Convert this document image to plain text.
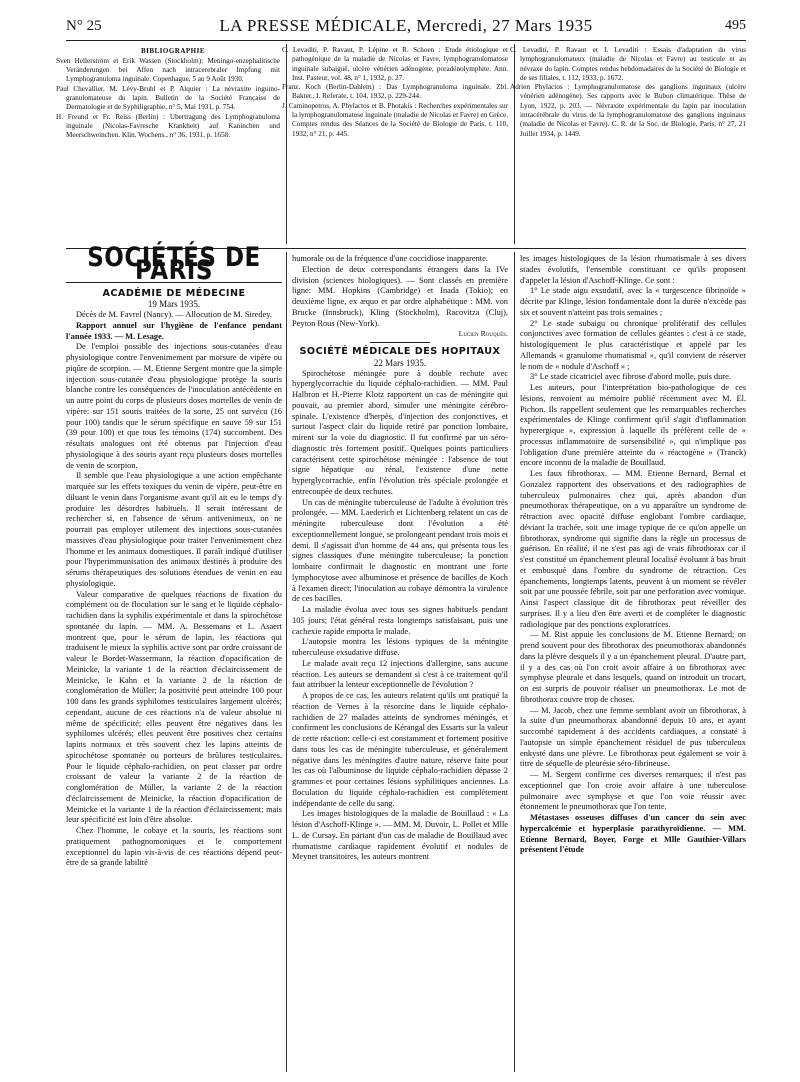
N° 25	LA PRESSE MÉDICALE, Mercredi, 27 Mars 1935	495

BIBLIOGRAPHIE

Sven Hellerström et Erik Wassen (Stockholm): Meningo-enzephalitische Veränderungen bei Affen nach intracerebraler Impfung mit Lymphogranuloma inguinale. Copenhague, 5 au 9 Août 1930.

Paul Chevallier, M. Lévy-Bruhl et P. Alquier : La névraxite inguino-granulomateuse du lapin. Bulletin de la Société Française de Dermatologie et de Syphiligraphie, n° 5, Mai 1931, p. 754.

H. Freund et Fr. Reiss (Berlin) : Ubertragung des Lymphogranuloma inguinale (Nicolas-Favresche Krankheit) auf Kaninchen und Meerschweinchen. Klin. Wochens., n° 36, 1931, p. 1658.

C. Levaditi, P. Ravaut, P. Lépine et R. Schoen : Etude étiologique et pathogénique de la maladie de Nicolas et Favre, lymphogranulomatose inguinale subaiguë, ulcère vénérien adénogène, poradénolymphite. Ann. Inst. Pasteur, vol. 48, n° 1, 1932, p. 27.

Franz. Koch (Berlin-Dahlem) : Das Lymphogranuloma inguinale. Zbl. Bakter., I. Referate, t. 104, 1932, p. 229-244.

J. Caminopetros, A. Phylactos et B. Photakis : Recherches expérimentales sur la lymphogranulomatose inguinale (maladie de Nicolas et Favre) en Grèce. Comptes rendus des Séances de la Société de Biologie de Paris, t. 110, 1932, n° 21, p. 445.

C. Levaditi, P. Ravaut et I. Levaditi : Essais d'adaptation du virus lymphogranulomateux (maladie de Nicolas et Favre) au testicule et au névraxe du lapin. Comptes rendus hebdomadaires de la Société de Biologie et de ses filiales, t. 112, 1933, p. 1672.

Adrien Phylactos : Lymphogranulomatose des ganglions inguinaux (ulcère vénérien adénogène). Ses rapports avec le Bubon climatérique. Thèse de Lyon, 1922, p. 203. — Névraxite expérimentale du lapin par inoculation intracérébrale du virus de la lymphogranulomatose des ganglions inguinaux (maladie de Nicolas et Favre). C. R. de la Soc. de Biologie, Paris, n° 27, 21 Juillet 1934, p. 1449.

SOCIÉTÉS DE PARIS

ACADÉMIE DE MÉDECINE

19 Mars 1935.

Décès de M. Favrel (Nancy). — Allocution de M. Siredey.

Rapport annuel sur l'hygiène de l'enfance pendant l'année 1933. — M. Lesage.

De l'emploi possible des injections sous-cutanées d'eau physiologique contre l'envenimement par morsure de vipère ou piqûre de scorpion. — M. Etienne Sergent montre que la simple injection sous-cutanée d'eau physiologique protège la souris blanche contre les conséquences de l'inoculation antécédente en un autre point du corps de plusieurs doses mortelles de venin de vipère: sur 151 souris traitées de la sorte, 25 ont survécu (16 pour 100) tandis que le sérum spécifique en sauve 59 sur 151 (39 pour 100) et que tous les témoins (174) succombent. Des résultats analogues ont été obtenus par l'injection d'eau physiologique à des souris ayant reçu plusieurs doses mortelles de venin de scorpion.

Il semble que l'eau physiologique a une action empêchante marquée sur les effets toxiques du venin de vipère, peut-être en diluant le venin dans l'organisme avant qu'il ait eu le temps d'y produire les désordres habituels. Il serait intéressant de rechercher si, en l'absence de sérum antivenimeux, on ne pourrait pas employer utilement des injections sous-cutanées massives d'eau physiologique pour traiter l'envenimement chez l'homme et les animaux domestiques. Il paraît indiqué d'utiliser pour l'hyperimmunisation des animaux destinés à produire des sérums thérapeutiques des solutions étendues de venin en eau physiologique.

Valeur comparative de quelques réactions de fixation du complément ou de floculation sur le sang et le liquide céphalo-rachidien dans la syphilis expérimentale et dans la spirochétose spontanée du lapin. — MM. A. Bessemans et L. Asaert montrent que, pour le sérum de lapin, les réactions qui traduisent le mieux la syphilis active sont par ordre croissant de valeur le Bordet-Wassermann, la réaction d'opacification de Meinicke, la variante 1 de la réaction d'éclaircissement de Meinicke, le Kahn et la variante 2 de la réaction de conglomération de Müller; la positivité peut atteindre 100 pour 100 dans les grands syphilomes testiculaires largement ulcérés; cependant, aucune de ces réactions n'a de valeur absolue ni même de spécificité; elles peuvent être négatives dans les syphilomes ulcérés; elles peuvent être positives chez certains lapins normaux et très souvent chez les lapins atteints de spirochétose spontanée ou porteurs de brûlures testiculaires. Pour le liquide céphalo-rachidien, on peut classer par ordre croissant de valeur la variante 2 de la réaction de conglomération de Müller, la variante 2 de la réaction d'éclaircissement de Meinicke, la réaction d'opacification de Meinicke et la variante 1 de la réaction d'éclaircissement; mais leur spécificité est loin d'être absolue.

Chez l'homme, le cobaye et la souris, les réactions sont pratiquement pathognomoniques et le comportement exceptionnel du lapin vis-à-vis de ces réactions dépend peut-être de sa grande labilité

humorale ou de la fréquence d'une coccidiose inapparente.

Election de deux correspondants étrangers dans la IVe division (sciences biologiques). — Sont classés en première ligne: MM. Hopkins (Cambridge) et Inada (Tokio); en deuxième ligne, ex æquo et par ordre alphabétique : MM. von Brucke (Innsbruck), Kling (Stockholm), Racovitza (Cluj), Peyton Rous (New-York).

Lucien Rouquès.

SOCIÉTÉ MÉDICALE DES HOPITAUX

22 Mars 1935.

Spirochétose méningée pure à double rechute avec hyperglycorrachie du liquide céphalo-rachidien. — MM. Paul Halbron et H.-Pierre Klotz rapportent un cas de méningite qui pouvait, au premier abord, simuler une méningite cérébro-spinale. L'existence d'herpès, d'injection des conjonctives, et surtout l'aspect clair du liquide retiré par ponction lombaire, mirent sur la voie du diagnostic. Il fut confirmé par un séro-diagnostic très fortement positif. Quelques points particuliers caractérisent cette spirochétose méningée : l'absence de tout signe hépatique ou rénal, l'existence d'une nette hyperglycorrachie, enfin l'évolution très spéciale prolongée et entrecoupée de deux rechutes.

Un cas de méningite tuberculeuse de l'adulte à évolution très prolongée. — MM. Laederich et Lichtenberg relatent un cas de méningite tuberculeuse dont l'évolution a été exceptionnellement longue, se prolongeant pendant trois mois et demi. Il s'agissait d'un homme de 44 ans, qui présenta tous les signes classiques d'une méningite tuberculeuse; la ponction lombaire confirmait le diagnostic en montrant une forte lymphocytose avec albuminose et présence de bacilles de Koch à l'examen direct; l'inoculation au cobaye démontra la virulence de ces bacilles.

La maladie évolua avec tous ses signes habituels pendant 105 jours; l'état général resta longtemps satisfaisant, puis une cachexie rapide emporta le malade.

L'autopsie montra les lésions typiques de la méningite tuberculeuse exsudative diffuse.

Le malade avait reçu 12 injections d'allergine, sans aucune réaction. Les auteurs se demandent si c'est à ce traitement qu'il faut attribuer la lenteur exceptionnelle de l'évolution ?

A propos de ce cas, les auteurs relatent qu'ils ont pratiqué la réaction de Vernes à la résorcine dans le liquide céphalo-rachidien de 27 malades atteints de syndromes méningés, et confirment les conclusions de Kérangal des Essarts sur la valeur de cette réaction: celle-ci est constamment et fortement positive dans tous les cas de méningite tuberculeuse, et généralement négative dans les méningites d'autre nature, réserve faite pour les cas où l'albuminose du liquide céphalo-rachidien dépasse 2 grammes et pour certaines lésions syphilitiques anciennes. La floculation du liquide céphalo-rachidien est complètement indépendante de celle du sang.

Les images histologiques de la maladie de Bouillaud : « La lésion d'Aschoff-Klinge ». — MM. M. Duvoir, L. Pollet et Mlle L. de Cursay. En partant d'un cas de maladie de Bouillaud avec rhumatisme cardiaque rapidement évolutif et nodules de Meynet transitoires, les auteurs montrent

les images histologiques de la lésion rhumatismale à ses divers stades évolutifs, l'ensemble constituant ce qu'ils proposent d'appeler la lésion d'Aschoff-Klinge. Ce sont :

1° Le stade aigu exsudatif, avec la « turgescence fibrinoïde » décrite par Klinge, lésion fondamentale dont la durée n'excède pas six et souvent n'atteint pas trois semaines ;

2° Le stade subaigu ou chronique prolifératif des cellules conjonctives avec formation de cellules géantes : c'est à ce stade, histologiquement le plus caractéristique et appelé par les Allemands « granulome rhumatismal », qu'il convient de réserver le nom de « nodule d'Aschoff » ;

3° Le stade cicatriciel avec fibrose d'abord molle, puis dure.

Les auteurs, pour l'interprétation bio-pathologique de ces lésions, renvoient au mémoire publié récemment avec M. El. Pichon. Ils rappellent seulement que les remarquables recherches expérimentales de Klinge confirment qu'il s'agit d'inflammation hyperergique », expression à laquelle ils préfèrent celle de « processus inflammatoire de sursensibilité », qui n'implique pas l'obligation d'une première atteinte du « réactogène » (Tranck) encore inconnu de la maladie de Bouillaud.

Les faux fibrothorax. — MM. Etienne Bernard, Bernal et Gonzalez rapportent des observations et des radiographies de tuberculeux pulmonaires chez qui, après abandon d'un pneumothorax thérapeutique, on a vu apparaître un syndrome de rétraction avec opacité diffuse englobant l'ombre cardiaque, déviant la trachée, soit une image typique de ce qu'on appelle un fibrothorax, syndrome qui signifie dans la règle un processus de guérison. En réalité, il ne s'est pas agi de vrais fibrothorax car il s'est constitué un épanchement pleural localisé évoluant à bas bruit et embusqué dans l'ombre du syndrome de rétraction. Ces épanchements, longtemps latents, peuvent à un moment se révéler soit par une poussée fébrile, soit par une perforation avec vomique. Ainsi l'aspect classique dit de fibrothorax peut réveiller des surprises. Il y a lieu d'en être averti et de compléter le diagnostic radiologique par des ponctions exploratrices.

— M. Rist appuie les conclusions de M. Etienne Bernard; on prend souvent pour des fibrothorax des pneumothorax abandonnés dans la plèvre desquels il y a un épanchement pleural. D'autre part, il y a des cas où l'on croit avoir affaire à un fibrothorax avec symphyse pleurale et dans lesquels, quand on introduit un trocart, on est surpris de pouvoir réaliser un pneumothorax. Le mot de fibrothorax couvre trop de choses.

— M. Jacob, chez une femme semblant avoir un fibrothorax, à la suite d'un pneumothorax abandonné depuis 10 ans, et ayant succombé rapidement à des accidents cardiaques, a constaté à l'autopsie un simple épanchement résiduel de pus tuberculeux enkysté dans une plèvre. Le fibrothorax peut également se voir à titre de séquelle de pleurésie séro-fibrineuse.

— M. Sergent confirme ces diverses remarques; il n'est pas exceptionnel que l'on croie avoir affaire à une tuberculose pulmonaire avec symphyse et que l'on voie réussir avec étonnement le pneumothorax que l'on tente.

Métastases osseuses diffuses d'un cancer du sein avec hypercalcémie et hyperplasie parathyroïdienne. — MM. Etienne Bernard, Boyer, Forge et Mlle Gauthier-Villars présentent l'étude
